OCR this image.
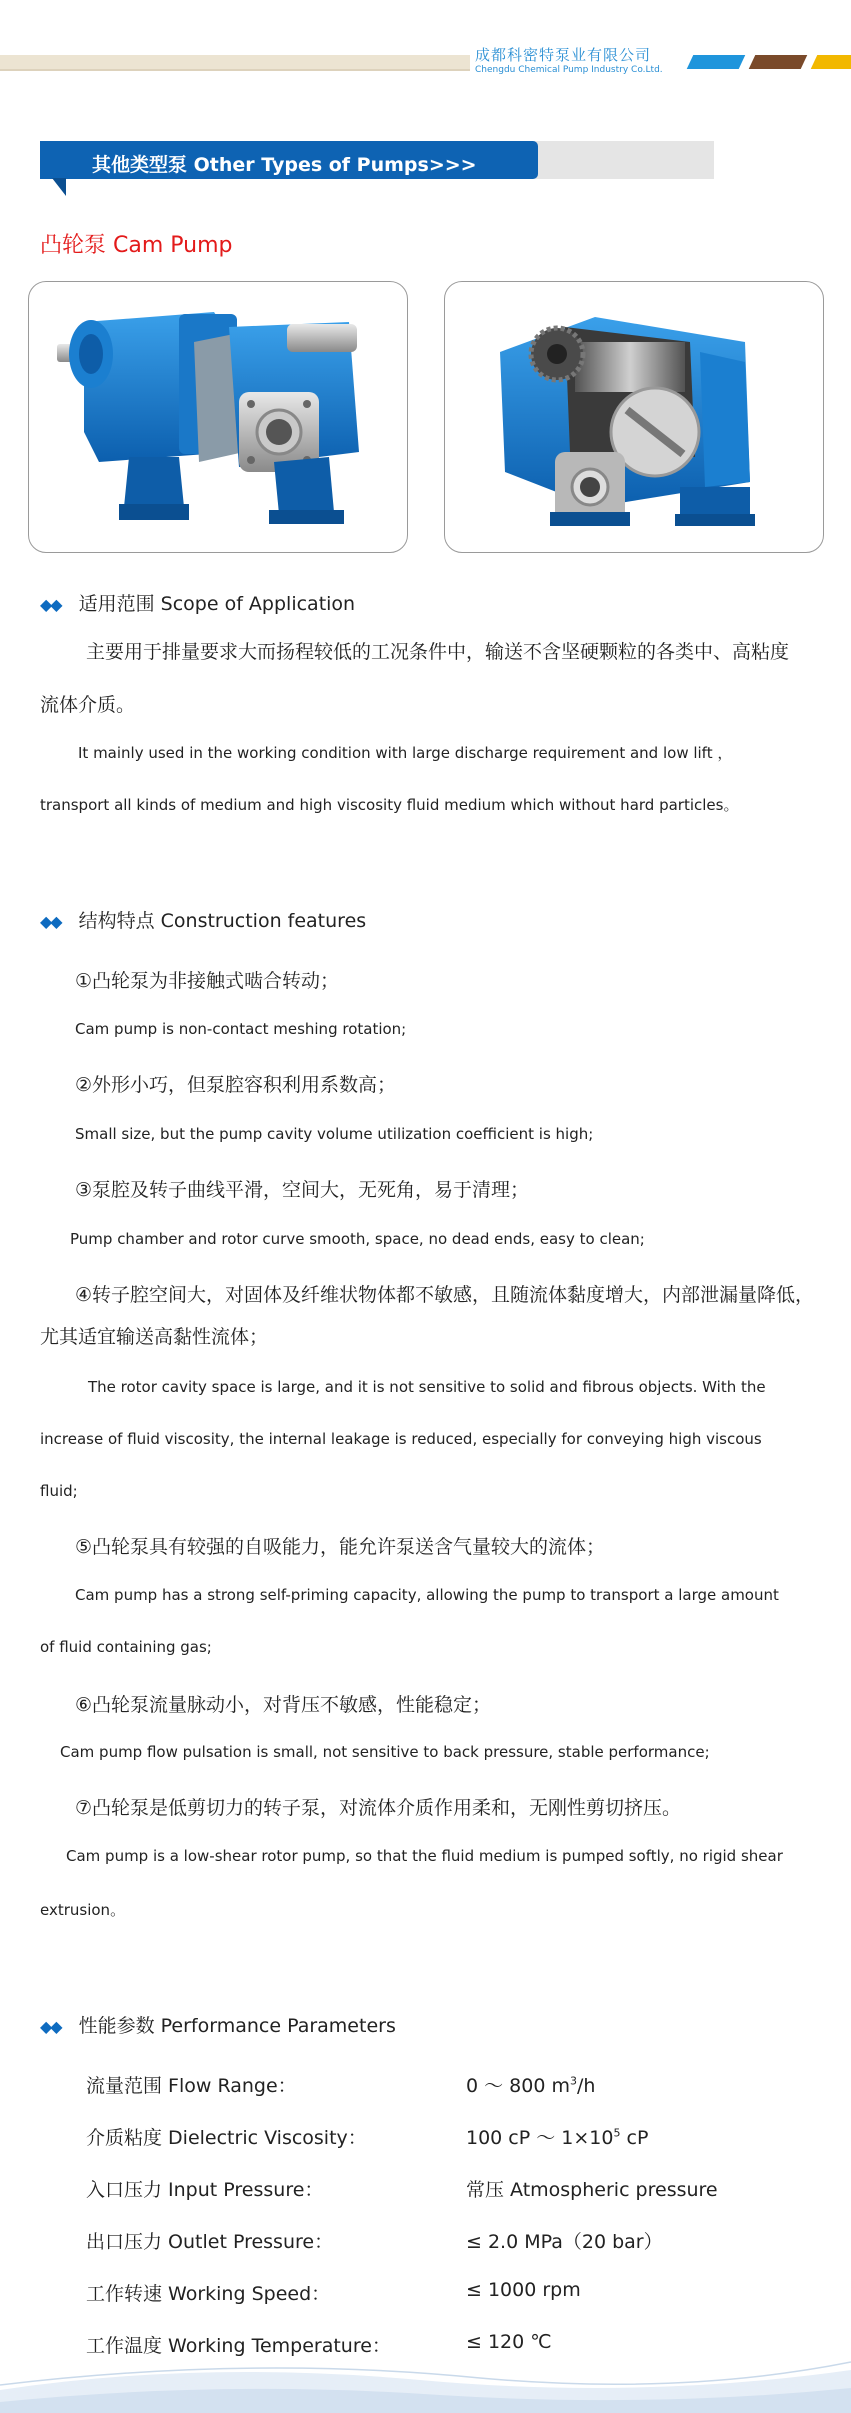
成都科密特泵业有限公司
Chengdu Chemical Pump Industry Co.Ltd.
其他类型泵 Other Types of Pumps>>>
凸轮泵 Cam Pump
◆◆ 适用范围 Scope of Application
主要用于排量要求大而扬程较低的工况条件中，输送不含坚硬颗粒的各类中、高粘度
流体介质。
It mainly used in the working condition with large discharge requirement and low lift ，
transport all kinds of medium and high viscosity fluid medium which without hard particles。
◆◆ 结构特点 Construction features
①凸轮泵为非接触式啮合转动；
Cam pump is non-contact meshing rotation;
②外形小巧，但泵腔容积利用系数高；
Small size, but the pump cavity volume utilization coefficient is high;
③泵腔及转子曲线平滑，空间大，无死角，易于清理；
Pump chamber and rotor curve smooth, space, no dead ends, easy to clean;
④转子腔空间大，对固体及纤维状物体都不敏感，且随流体黏度增大，内部泄漏量降低，
尤其适宜输送高黏性流体；
The rotor cavity space is large, and it is not sensitive to solid and fibrous objects. With the
increase of fluid viscosity, the internal leakage is reduced, especially for conveying high viscous
fluid;
⑤凸轮泵具有较强的自吸能力，能允许泵送含气量较大的流体；
Cam pump has a strong self-priming capacity, allowing the pump to transport a large amount
of fluid containing gas;
⑥凸轮泵流量脉动小，对背压不敏感，性能稳定；
Cam pump flow pulsation is small, not sensitive to back pressure, stable performance;
⑦凸轮泵是低剪切力的转子泵，对流体介质作用柔和，无刚性剪切挤压。
Cam pump is a low-shear rotor pump, so that the fluid medium is pumped softly, no rigid shear
extrusion。
◆◆ 性能参数 Performance Parameters
流量范围 Flow Range：	0 ～ 800 $m^3/h$
介质粘度 Dielectric Viscosity：	100 cP ～ $1\times 10^5$ cP
入口压力 Input Pressure：	常压 Atmospheric pressure
出口压力 Outlet Pressure：	≤ 2.0 MPa（20 bar）
工作转速 Working Speed：	≤ 1000 rpm
工作温度 Working Temperature：	≤ 120 ℃
